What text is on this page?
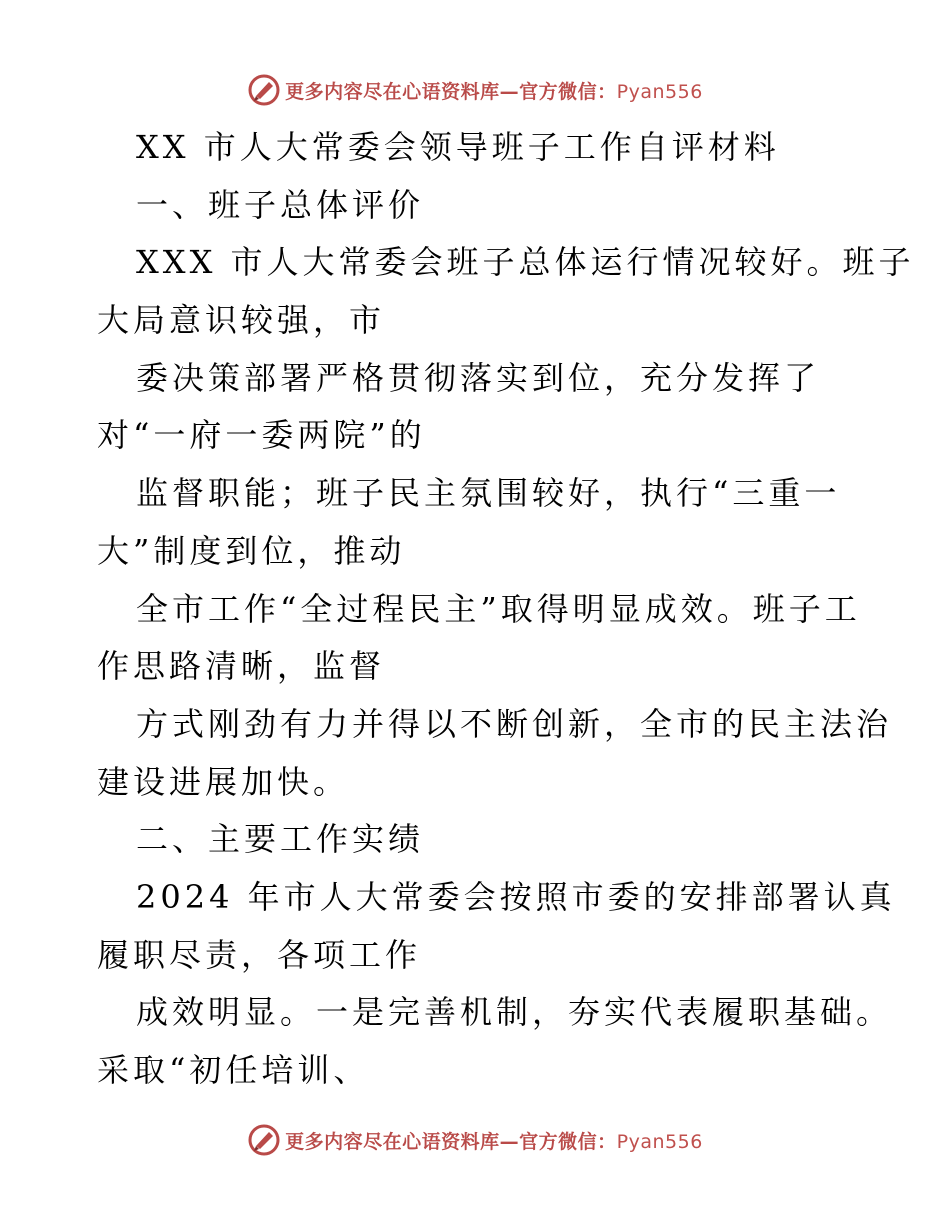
更多内容尽在心语资料库—官方微信：Pyan556
XX 市人大常委会领导班子工作自评材料
一、班子总体评价
XXX 市人大常委会班子总体运行情况较好。班子
大局意识较强，市
委决策部署严格贯彻落实到位，充分发挥了
对“一府一委两院”的
监督职能；班子民主氛围较好，执行“三重一
大”制度到位，推动
全市工作“全过程民主”取得明显成效。班子工
作思路清晰，监督
方式刚劲有力并得以不断创新，全市的民主法治
建设进展加快。
二、主要工作实绩
2024 年市人大常委会按照市委的安排部署认真
履职尽责，各项工作
成效明显。一是完善机制，夯实代表履职基础。
采取“初任培训、
更多内容尽在心语资料库—官方微信：Pyan556
